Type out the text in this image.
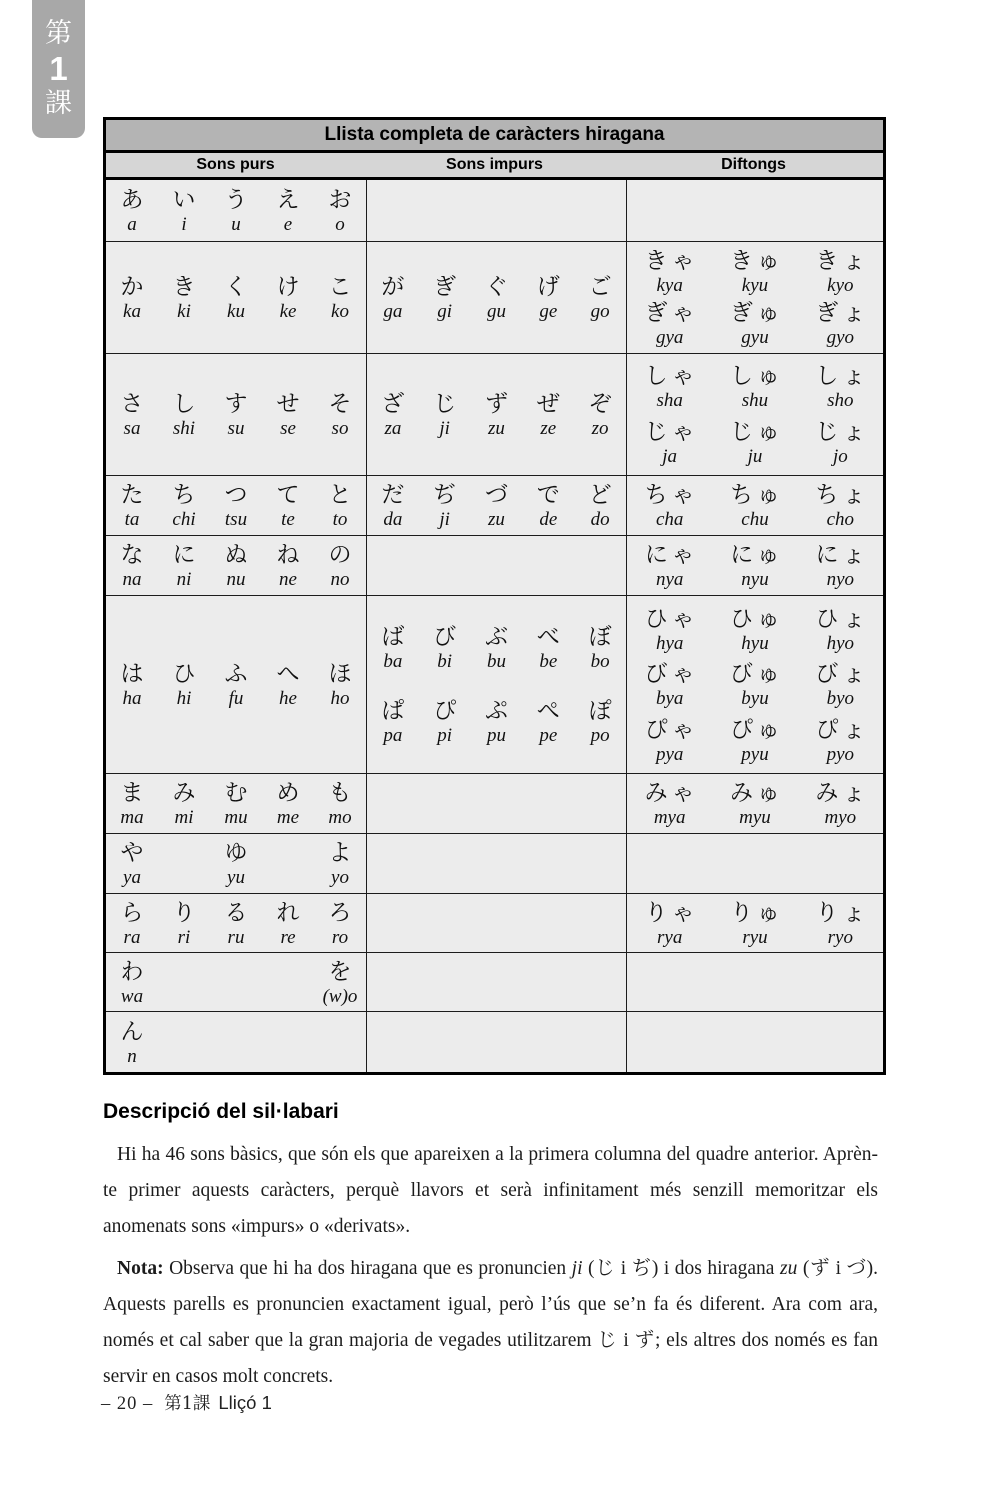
第
1
課
Llista completa de caràcters hiragana
Sons purs	Sons impurs	Diftongs
あ
a
い
i
う
u
え
e
お
o
か
ka
き
ki
く
ku
け
ke
こ
ko
が
ga
ぎ
gi
ぐ
gu
げ
ge
ご
go
きゃ
kya
きゅ
kyu
きょ
kyo
ぎゃ
gya
ぎゅ
gyu
ぎょ
gyo
さ
sa
し
shi
す
su
せ
se
そ
so
ざ
za
じ
ji
ず
zu
ぜ
ze
ぞ
zo
しゃ
sha
しゅ
shu
しょ
sho
じゃ
ja
じゅ
ju
じょ
jo
た
ta
ち
chi
つ
tsu
て
te
と
to
だ
da
ぢ
ji
づ
zu
で
de
ど
do
ちゃ
cha
ちゅ
chu
ちょ
cho
な
na
に
ni
ぬ
nu
ね
ne
の
no
にゃ
nya
にゅ
nyu
にょ
nyo
は
ha
ひ
hi
ふ
fu
へ
he
ほ
ho
ば
ba
び
bi
ぶ
bu
べ
be
ぼ
bo
ぱ
pa
ぴ
pi
ぷ
pu
ぺ
pe
ぽ
po
ひゃ
hya
ひゅ
hyu
ひょ
hyo
びゃ
bya
びゅ
byu
びょ
byo
ぴゃ
pya
ぴゅ
pyu
ぴょ
pyo
ま
ma
み
mi
む
mu
め
me
も
mo
みゃ
mya
みゅ
myu
みょ
myo
や
ya
ゆ
yu
よ
yo
ら
ra
り
ri
る
ru
れ
re
ろ
ro
りゃ
rya
りゅ
ryu
りょ
ryo
わ
wa
を
(w)o
ん
n
Descripció del sil·labari

Hi ha 46 sons bàsics, que són els que apareixen a la primera columna del quadre anterior. Aprèn-te primer aquests caràcters, perquè llavors et serà infinitament més senzill memoritzar els anomenats sons «impurs» o «derivats».

Nota: Observa que hi ha dos hiragana que es pronuncien ji (じ i ぢ) i dos hiragana zu (ず i づ). Aquests parells es pronuncien exactament igual, però l’ús que se’n fa és diferent. Ara com ara, només et cal saber que la gran majoria de vegades utilitzarem じ i ず; els altres dos només es fan servir en casos molt concrets.

– 20 – 第1課 Lliçó 1
